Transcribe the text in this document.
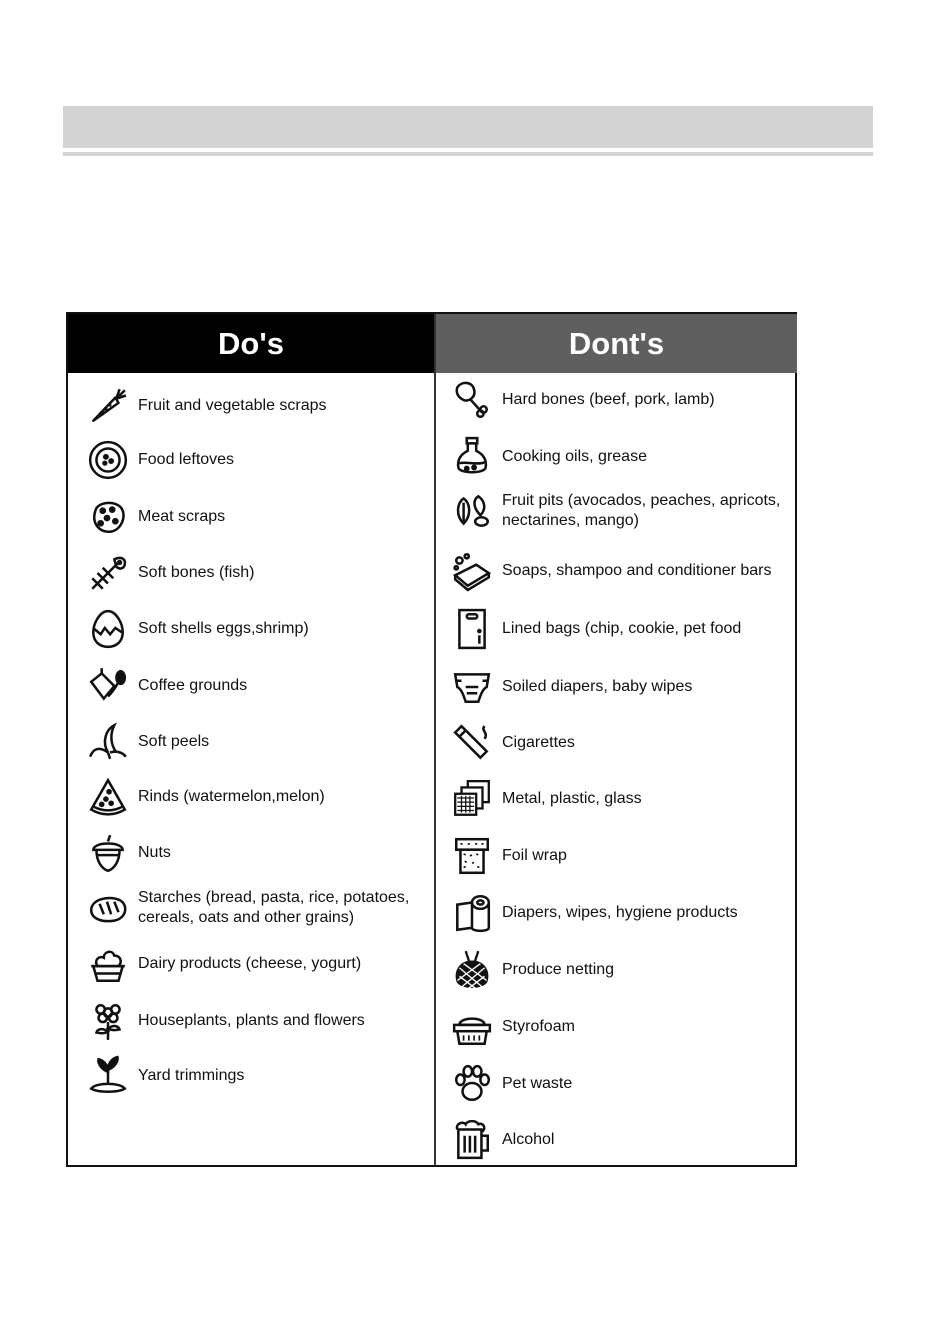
Do's	Dont's
Fruit and vegetable scraps
Food leftoves
Meat scraps
Soft bones (fish)
Soft shells eggs,shrimp)
Coffee grounds
Soft peels
Rinds (watermelon,melon)
Nuts
Starches (bread, pasta, rice, potatoes,
cereals, oats and other grains)
Dairy products (cheese, yogurt)
Houseplants, plants and flowers
Yard trimmings
Hard bones (beef, pork, lamb)
Cooking oils, grease
Fruit pits (avocados, peaches, apricots,
nectarines, mango)
Soaps, shampoo and conditioner bars
Lined bags (chip, cookie, pet food
Soiled diapers, baby wipes
Cigarettes
Metal, plastic, glass
Foil wrap
Diapers, wipes, hygiene products
Produce netting
Styrofoam
Pet waste
Alcohol
